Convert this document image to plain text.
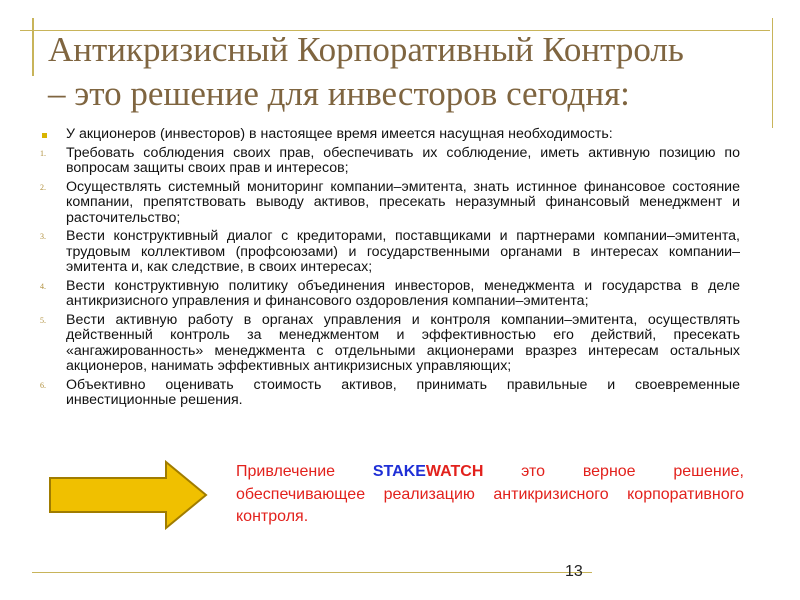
Антикризисный Корпоративный Контроль
– это решение для инвесторов сегодня:
У акционеров (инвесторов) в настоящее время имеется насущная необходимость:
1.	Требовать соблюдения своих прав, обеспечивать их соблюдение, иметь активную позицию по вопросам защиты своих прав и интересов;
2.	Осуществлять системный мониторинг компании–эмитента, знать истинное финансовое состояние компании, препятствовать выводу активов, пресекать неразумный финансовый менеджмент и расточительство;
3.	Вести конструктивный диалог с кредиторами, поставщиками и партнерами компании–эмитента, трудовым коллективом (профсоюзами) и государственными органами в интересах компании–эмитента и, как следствие, в своих интересах;
4.	Вести конструктивную политику объединения инвесторов, менеджмента и государства в деле антикризисного управления и финансового оздоровления компании–эмитента;
5.	Вести активную работу в органах управления и контроля компании–эмитента, осуществлять действенный контроль за менеджментом и эффективностью его действий, пресекать «ангажированность» менеджмента с отдельными акционерами вразрез интересам остальных акционеров, нанимать эффективных антикризисных управляющих;
6.	Объективно оценивать стоимость активов, принимать правильные и своевременные инвестиционные решения.
Привлечение STAKEWATCH это верное решение, обеспечивающее реализацию антикризисного корпоративного контроля.
13
